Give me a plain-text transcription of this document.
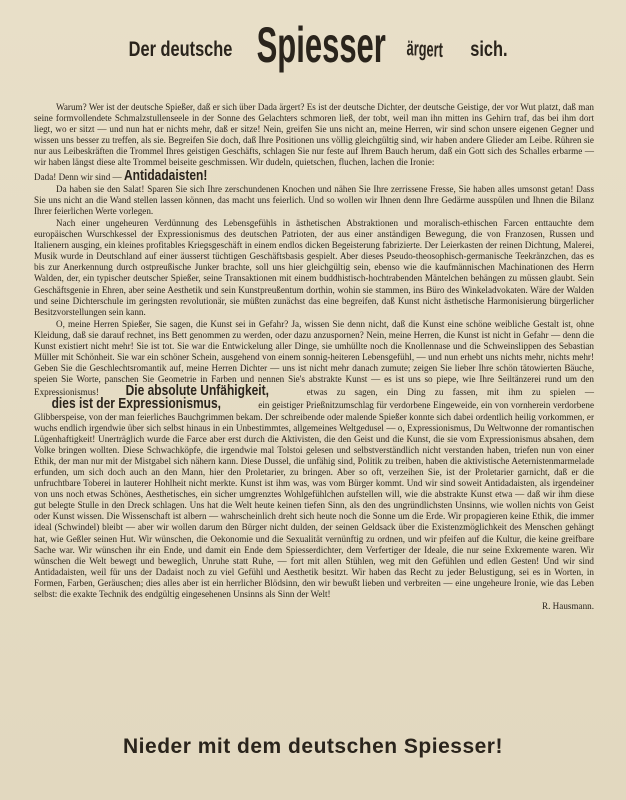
Der deutsche Spiesser ärgert sich.

Warum? Wer ist der deutsche Spießer, daß er sich über Dada ärgert? Es ist der deutsche Dichter, der deutsche Geistige, der vor Wut platzt, daß man seine formvollendete Schmalzstullenseele in der Sonne des Gelachters schmoren ließ, der tobt, weil man ihn mitten ins Gehirn traf, das bei ihm dort liegt, wo er sitzt — und nun hat er nichts mehr, daß er sitze! Nein, greifen Sie uns nicht an, meine Herren, wir sind schon unsere eigenen Gegner und wissen uns besser zu treffen, als sie. Begreifen Sie doch, daß Ihre Positionen uns völlig gleichgültig sind, wir haben andere Glieder am Leibe. Rühren sie nur aus Leibeskräften die Trommel Ihres geistigen Geschäfts, schlagen Sie nur feste auf Ihrem Bauch herum, daß ein Gott sich des Schalles erbarme — wir haben längst diese alte Trommel beiseite geschmissen. Wir dudeln, quietschen, fluchen, lachen die Ironie:

Dada! Denn wir sind — Antidadaisten!

Da haben sie den Salat! Sparen Sie sich Ihre zerschundenen Knochen und nähen Sie Ihre zerrissene Fresse, Sie haben alles umsonst getan! Dass Sie uns nicht an die Wand stellen lassen können, das macht uns feierlich. Und so wollen wir Ihnen denn Ihre Gedärme ausspülen und Ihnen die Bilanz Ihrer feierlichen Werte vorlegen.

Nach einer ungeheuren Verdünnung des Lebensgefühls in ästhetischen Abstraktionen und moralisch-ethischen Farcen enttauchte dem europäischen Wurschkessel der Expressionismus des deutschen Patrioten, der aus einer anständigen Bewegung, die von Franzosen, Russen und Italienern ausging, ein kleines profitables Kriegsgeschäft in einem endlos dicken Begeisterung fabrizierte. Der Leierkasten der reinen Dichtung, Malerei, Musik wurde in Deutschland auf einer äusserst tüchtigen Geschäftsbasis gespielt. Aber dieses Pseudo-theosophisch-germanische Teekränzchen, das es bis zur Anerkennung durch ostpreußische Junker brachte, soll uns hier gleichgültig sein, ebenso wie die kaufmännischen Machinationen des Herrn Walden, der, ein typischer deutscher Spießer, seine Transaktionen mit einem buddhistisch-hochtrabenden Mäntelchen behängen zu müssen glaubt. Sein Geschäftsgenie in Ehren, aber seine Aesthetik und sein Kunstpreußentum dorthin, wohin sie stammen, ins Büro des Winkeladvokaten. Wäre der Walden und seine Dichterschule im geringsten revolutionär, sie müßten zunächst das eine begreifen, daß Kunst nicht ästhetische Harmonisierung bürgerlicher Besitzvorstellungen sein kann.

O, meine Herren Spießer, Sie sagen, die Kunst sei in Gefahr? Ja, wissen Sie denn nicht, daß die Kunst eine schöne weibliche Gestalt ist, ohne Kleidung, daß sie darauf rechnet, ins Bett genommen zu werden, oder dazu anzuspornen? Nein, meine Herren, die Kunst ist nicht in Gefahr — denn die Kunst existiert nicht mehr! Sie ist tot. Sie war die Entwickelung aller Dinge, sie umhüllte noch die Knollennase und die Schweinslippen des Sebastian Müller mit Schönheit. Sie war ein schöner Schein, ausgehend von einem sonnig-heiteren Lebensgefühl, — und nun erhebt uns nichts mehr, nichts mehr! Geben Sie die Geschlechtsromantik auf, meine Herren Dichter — uns ist nicht mehr danach zumute; zeigen Sie lieber Ihre schön tätowierten Bäuche, speien Sie Worte, panschen Sie Geometrie in Farben und nennen Sie's abstrakte Kunst — es ist uns so piepe, wie Ihre Seiltänzerei rund um den Expressionismus! Die absolute Unfähigkeit,	etwas zu sagen, ein Ding zu fassen, mit ihm zu spielen — dies ist der Expressionismus,	ein geistiger Prießnitzumschlag für verdorbene Eingeweide, ein von vornherein verdorbene Glibberspeise, von der man feierliches Bauchgrimmen bekam. Der schreibende oder malende Spießer konnte sich dabei ordentlich heilig vorkommen, er wuchs endlich irgendwie über sich selbst hinaus in ein Unbestimmtes, allgemeines Weltgedusel — o, Expressionismus, Du Weltwonne der romantischen Lügenhaftigkeit! Unerträglich wurde die Farce aber erst durch die Aktivisten, die den Geist und die Kunst, die sie vom Expressionismus absahen, dem Volke bringen wollten. Diese Schwachköpfe, die irgendwie mal Tolstoi gelesen und selbstverständlich nicht verstanden haben, triefen nun von einer Ethik, der man nur mit der Mistgabel sich nähern kann. Diese Dussel, die unfähig sind, Politik zu treiben, haben die aktivistische Aeternistenmarmelade erfunden, um sich doch auch an den Mann, hier den Proletarier, zu bringen. Aber so oft, verzeihen Sie, ist der Proletarier garnicht, daß er die unfruchtbare Toberei in lauterer Hohlheit nicht merkte. Kunst ist ihm was, was vom Bürger kommt. Und wir sind soweit Antidadaisten, als irgendeiner von uns noch etwas Schönes, Aesthetisches, ein sicher umgrenztes Wohlgefühlchen aufstellen will, wie die abstrakte Kunst etwa — daß wir ihm diese gut belegte Stulle in den Dreck schlagen. Uns hat die Welt heute keinen tiefen Sinn, als den des ungründlichsten Unsinns, wie wollen nichts von Geist oder Kunst wissen. Die Wissenschaft ist albern — wahrscheinlich dreht sich heute noch die Sonne um die Erde. Wir propagieren keine Ethik, die immer ideal (Schwindel) bleibt — aber wir wollen darum den Bürger nicht dulden, der seinen Geldsack über die Existenzmöglichkeit des Menschen gehängt hat, wie Geßler seinen Hut. Wir wünschen, die Oekonomie und die Sexualität vernünftig zu ordnen, und wir pfeifen auf die Kultur, die keine greifbare Sache war. Wir wünschen ihr ein Ende, und damit ein Ende dem Spiesserdichter, dem Verfertiger der Ideale, die nur seine Exkremente waren. Wir wünschen die Welt bewegt und beweglich, Unruhe statt Ruhe, — fort mit allen Stühlen, weg mit den Gefühlen und edlen Gesten! Und wir sind Antidadaisten, weil für uns der Dadaist noch zu viel Gefühl und Aesthetik besitzt. Wir haben das Recht zu jeder Belustigung, sei es in Worten, in Formen, Farben, Geräuschen; dies alles aber ist ein herrlicher Blödsinn, den wir bewußt lieben und verbreiten — eine ungeheure Ironie, wie das Leben selbst: die exakte Technik des endgültig eingesehenen Unsinns als Sinn der Welt!

R. Hausmann.

Nieder mit dem deutschen Spiesser!
